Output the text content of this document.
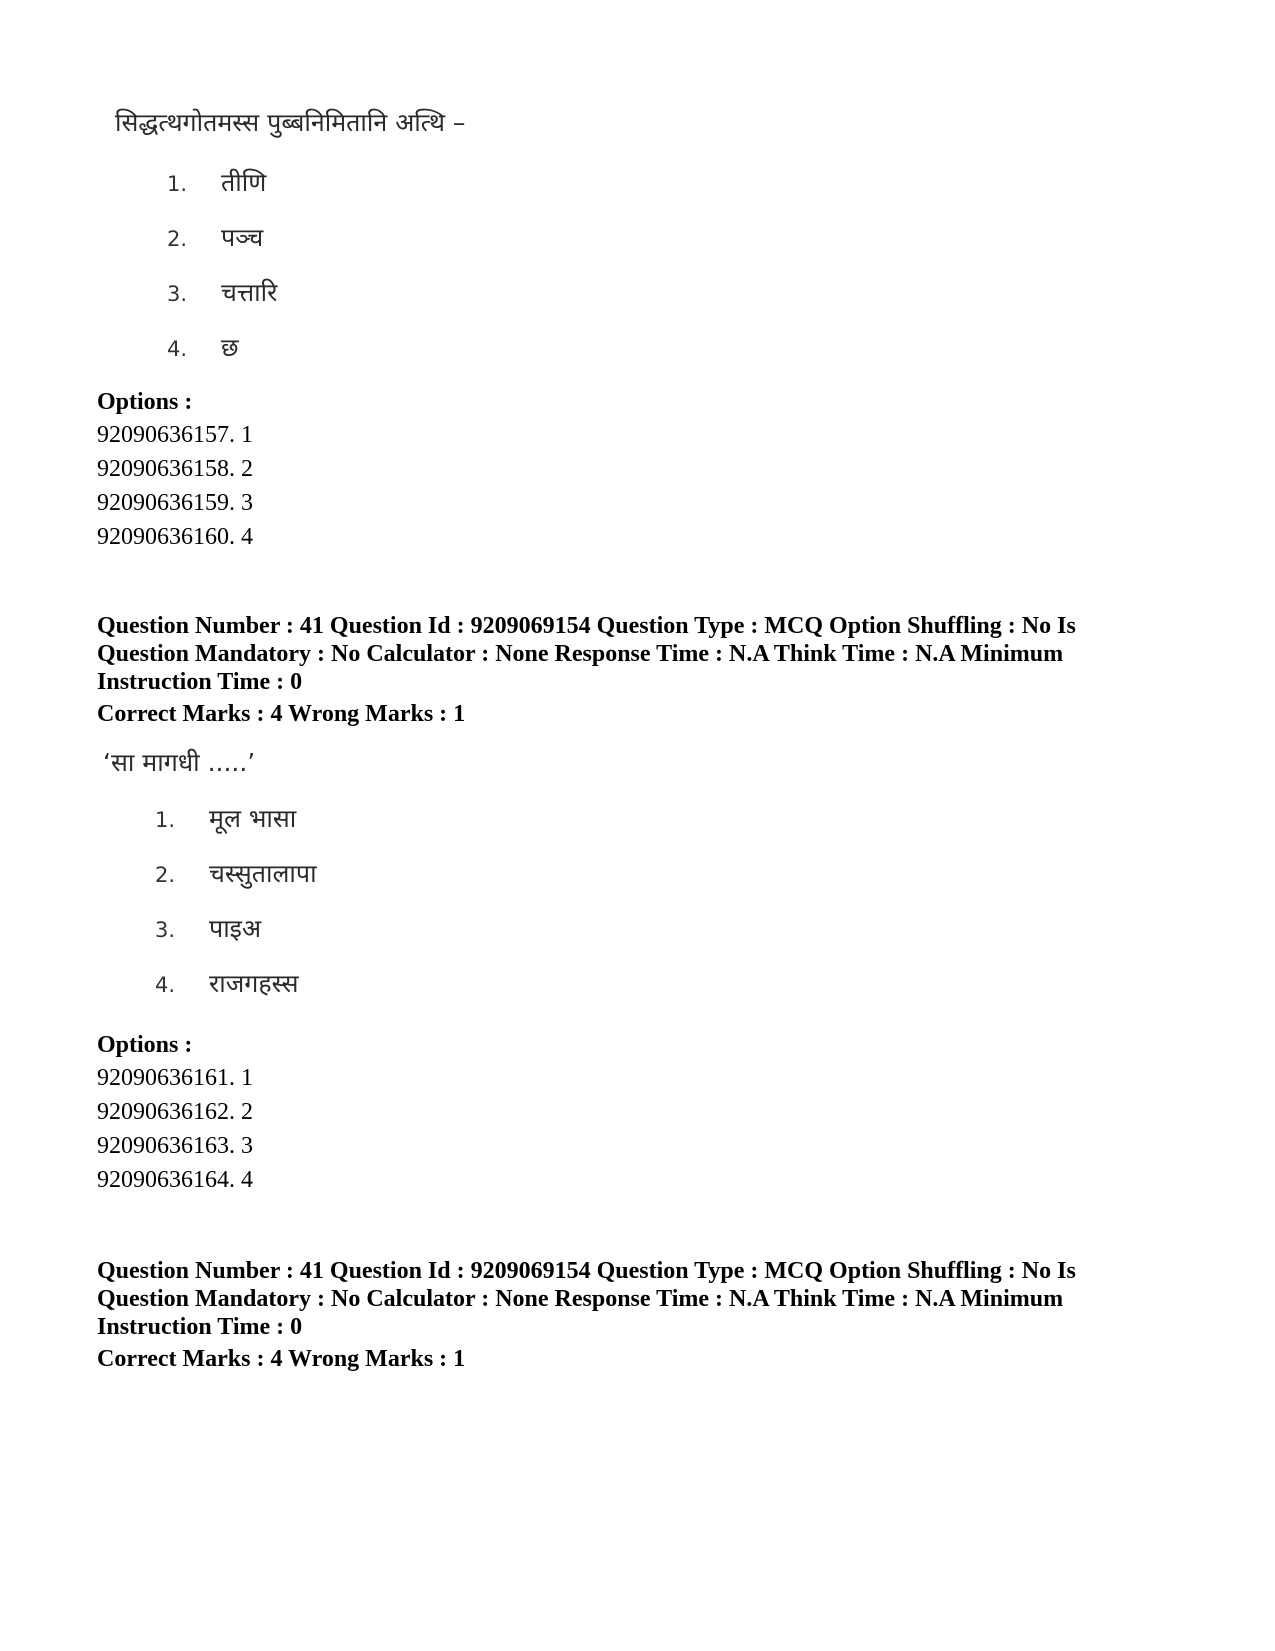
सिद्धत्थगोतमस्स पुब्बनिमितानि अत्थि –
1.	तीणि
2.	पञ्च
3.	चत्तारि
4.	छ
Options :
92090636157. 1
92090636158. 2
92090636159. 3
92090636160. 4
Question Number : 41 Question Id : 9209069154 Question Type : MCQ Option Shuffling : No Is Question Mandatory : No Calculator : None Response Time : N.A Think Time : N.A Minimum Instruction Time : 0
Correct Marks : 4 Wrong Marks : 1
‘सा मागधी .....’
1.	मूल भासा
2.	चस्सुतालापा
3.	पाइअ
4.	राजगहस्स
Options :
92090636161. 1
92090636162. 2
92090636163. 3
92090636164. 4
Question Number : 41 Question Id : 9209069154 Question Type : MCQ Option Shuffling : No Is Question Mandatory : No Calculator : None Response Time : N.A Think Time : N.A Minimum Instruction Time : 0
Correct Marks : 4 Wrong Marks : 1
